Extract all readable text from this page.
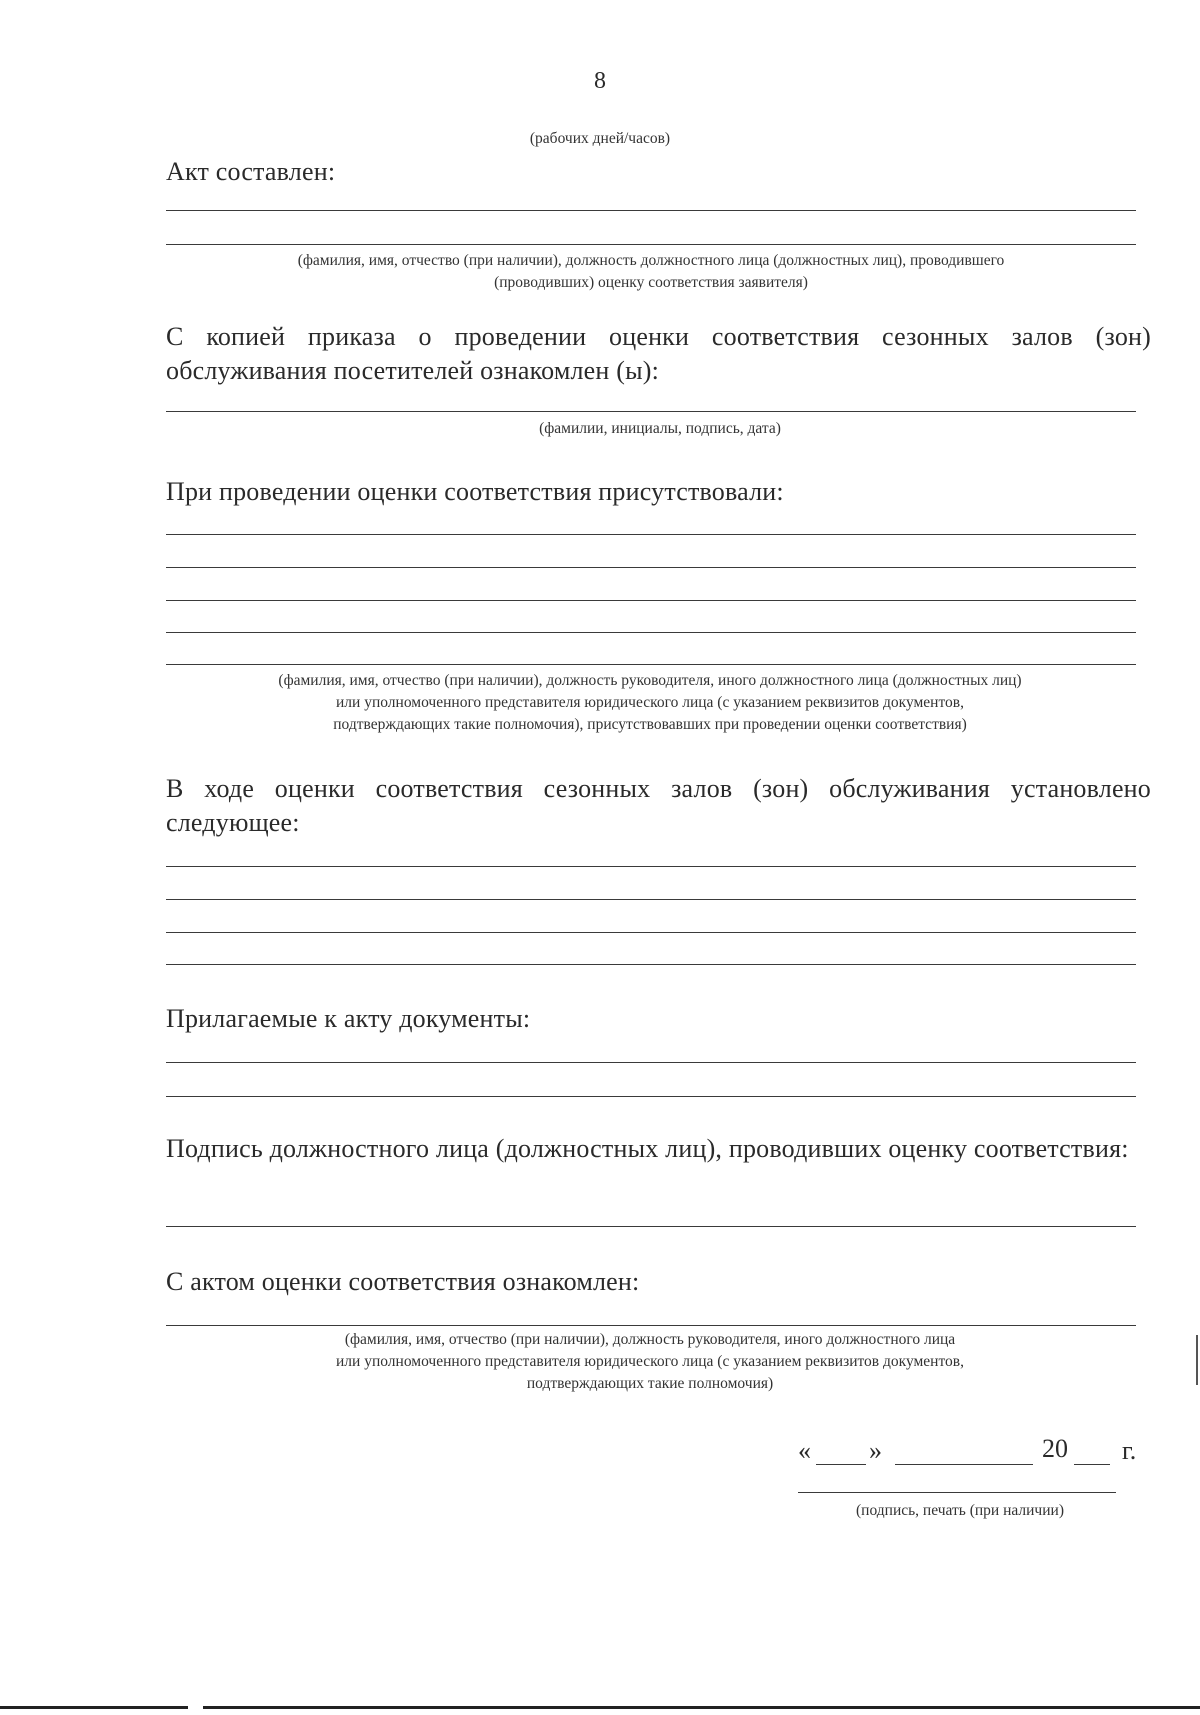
8
(рабочих дней/часов)
Акт составлен:
(фамилия, имя, отчество (при наличии), должность должностного лица (должностных лиц), проводившего
(проводивших) оценку соответствия заявителя)
С копией приказа о проведении оценки соответствия сезонных залов (зон) обслуживания посетителей ознакомлен (ы):
(фамилии, инициалы, подпись, дата)
При проведении оценки соответствия присутствовали:
(фамилия, имя, отчество (при наличии), должность руководителя, иного должностного лица (должностных лиц)
или уполномоченного представителя юридического лица (с указанием реквизитов документов,
подтверждающих такие полномочия), присутствовавших при проведении оценки соответствия)
В ходе оценки соответствия сезонных залов (зон) обслуживания установлено следующее:
Прилагаемые к акту документы:
Подпись должностного лица (должностных лиц), проводивших оценку соответствия:
С актом оценки соответствия ознакомлен:
(фамилия, имя, отчество (при наличии), должность руководителя, иного должностного лица
или уполномоченного представителя юридического лица (с указанием реквизитов документов,
подтверждающих такие полномочия)
« »	20 г.
(подпись, печать (при наличии)
